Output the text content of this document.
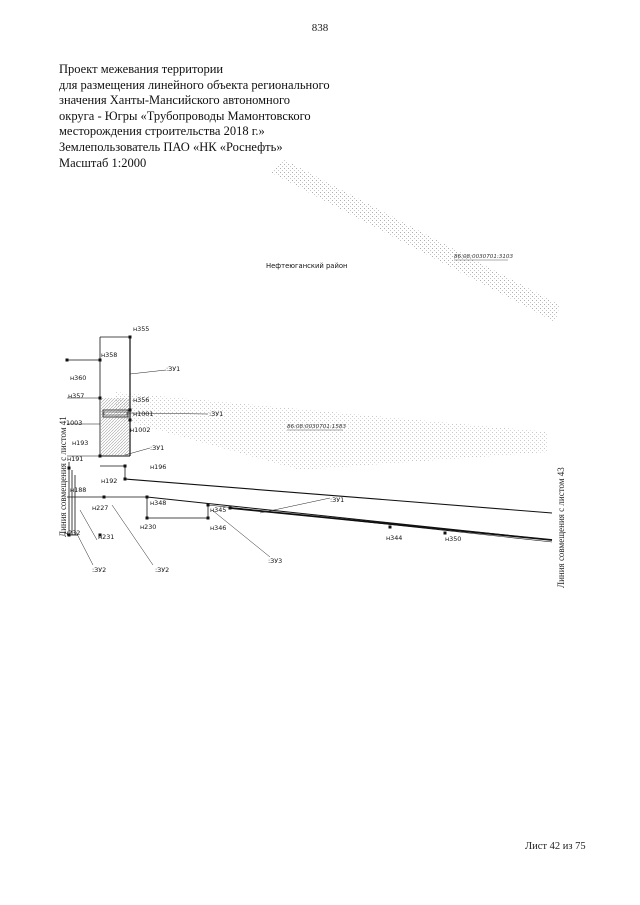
838
Проект межевания территории
для размещения линейного объекта регионального
значения Ханты-Мансийского автономного
округа - Югры «Трубопроводы Мамонтовского
месторождения строительства 2018 г.»
Землепользователь ПАО «НК «Роснефть»
Масштаб 1:2000
Нефтеюганский район
86:08:0030701:3103
86:08:0030701:1583
н355
н358
н360
н357	н356
н1001
1003
н1002
н193
н191
н192
н196
н188
н227
н348
н345
н230	н346
н232	н231	н344	н350
:ЗУ1
:ЗУ1
:ЗУ1
:ЗУ1
:ЗУ2	:ЗУ2
:ЗУ3
Линия совмещения с листом 41	Линия совмещения с листом 43
Лист 42 из 75
